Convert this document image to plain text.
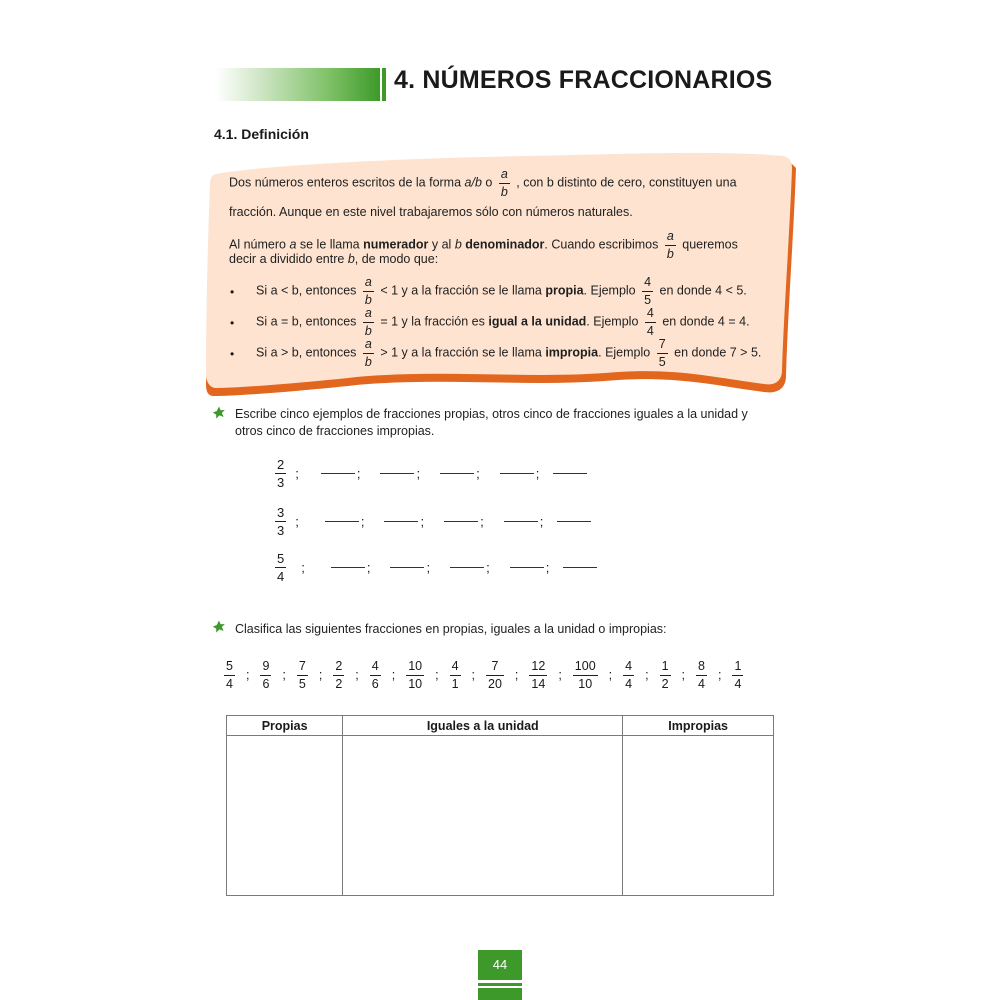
4. NÚMEROS FRACCIONARIOS
4.1. Definición
Dos números enteros escritos de la forma a/b o $\frac{a}{b}$ , con b distinto de cero, constituyen una
fracción. Aunque en este nivel trabajaremos sólo con números naturales.
Al número a se le llama numerador y al b denominador. Cuando escribimos $\frac{a}{b}$ queremos
decir a dividido entre b, de modo que:
• Si a < b, entonces $\frac{a}{b} < 1$ y a la fracción se le llama propia. Ejemplo $\frac{4}{5}$ en donde 4 < 5.
• Si a = b, entonces $\frac{a}{b} = 1$ y la fracción es igual a la unidad. Ejemplo $\frac{4}{4}$ en donde 4 = 4.
• Si a > b, entonces $\frac{a}{b} > 1$ y a la fracción se le llama impropia. Ejemplo $\frac{7}{5}$ en donde 7 > 5.
Escribe cinco ejemplos de fracciones propias, otros cinco de fracciones iguales a la unidad y
otros cinco de fracciones impropias.
$\frac{2}{3}$ ;	;	;	;	;
$\frac{3}{3}$ ;	;	;	;	;
$\frac{5}{4}$ ;	;	;	;	;
Clasifica las siguientes fracciones en propias, iguales a la unidad o impropias:
$\frac{5}{4}$ ; $\frac{9}{6}$ ; $\frac{7}{5}$ ; $\frac{2}{2}$ ; $\frac{4}{6}$ ; $\frac{10}{10}$ ; $\frac{4}{1}$ ; $\frac{7}{20}$ ; $\frac{12}{14}$ ; $\frac{100}{10}$ ; $\frac{4}{4}$ ; $\frac{1}{2}$ ; $\frac{8}{4}$ ; $\frac{1}{4}$
Propias	Iguales a la unidad	Impropias

44
